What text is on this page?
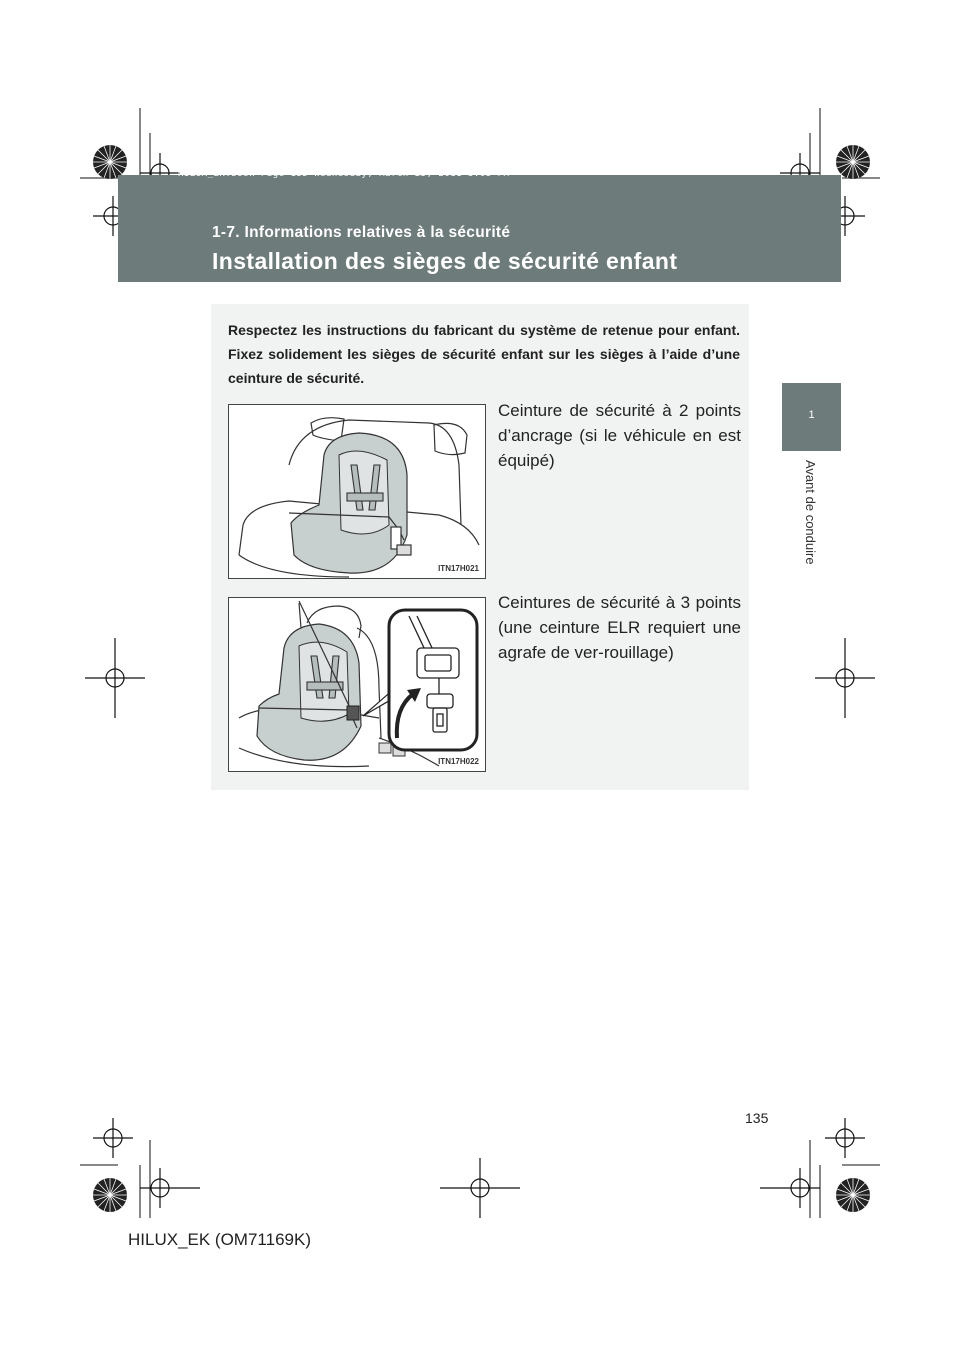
HILUX_EK.book Page 135 Wednesday, March 23, 2011 3:03 PM
1-7. Informations relatives à la sécurité
Installation des sièges de sécurité enfant
1
Avant de conduire
Respectez les instructions du fabricant du système de retenue pour enfant. Fixez solidement les sièges de sécurité enfant sur les sièges à l’aide d’une ceinture de sécurité.
ITN17H021
Ceinture de sécurité à 2 points d’ancrage (si le véhicule en est équipé)
ITN17H022
Ceintures de sécurité à 3 points (une ceinture ELR requiert une agrafe de ver-rouillage)
135
HILUX_EK (OM71169K)
